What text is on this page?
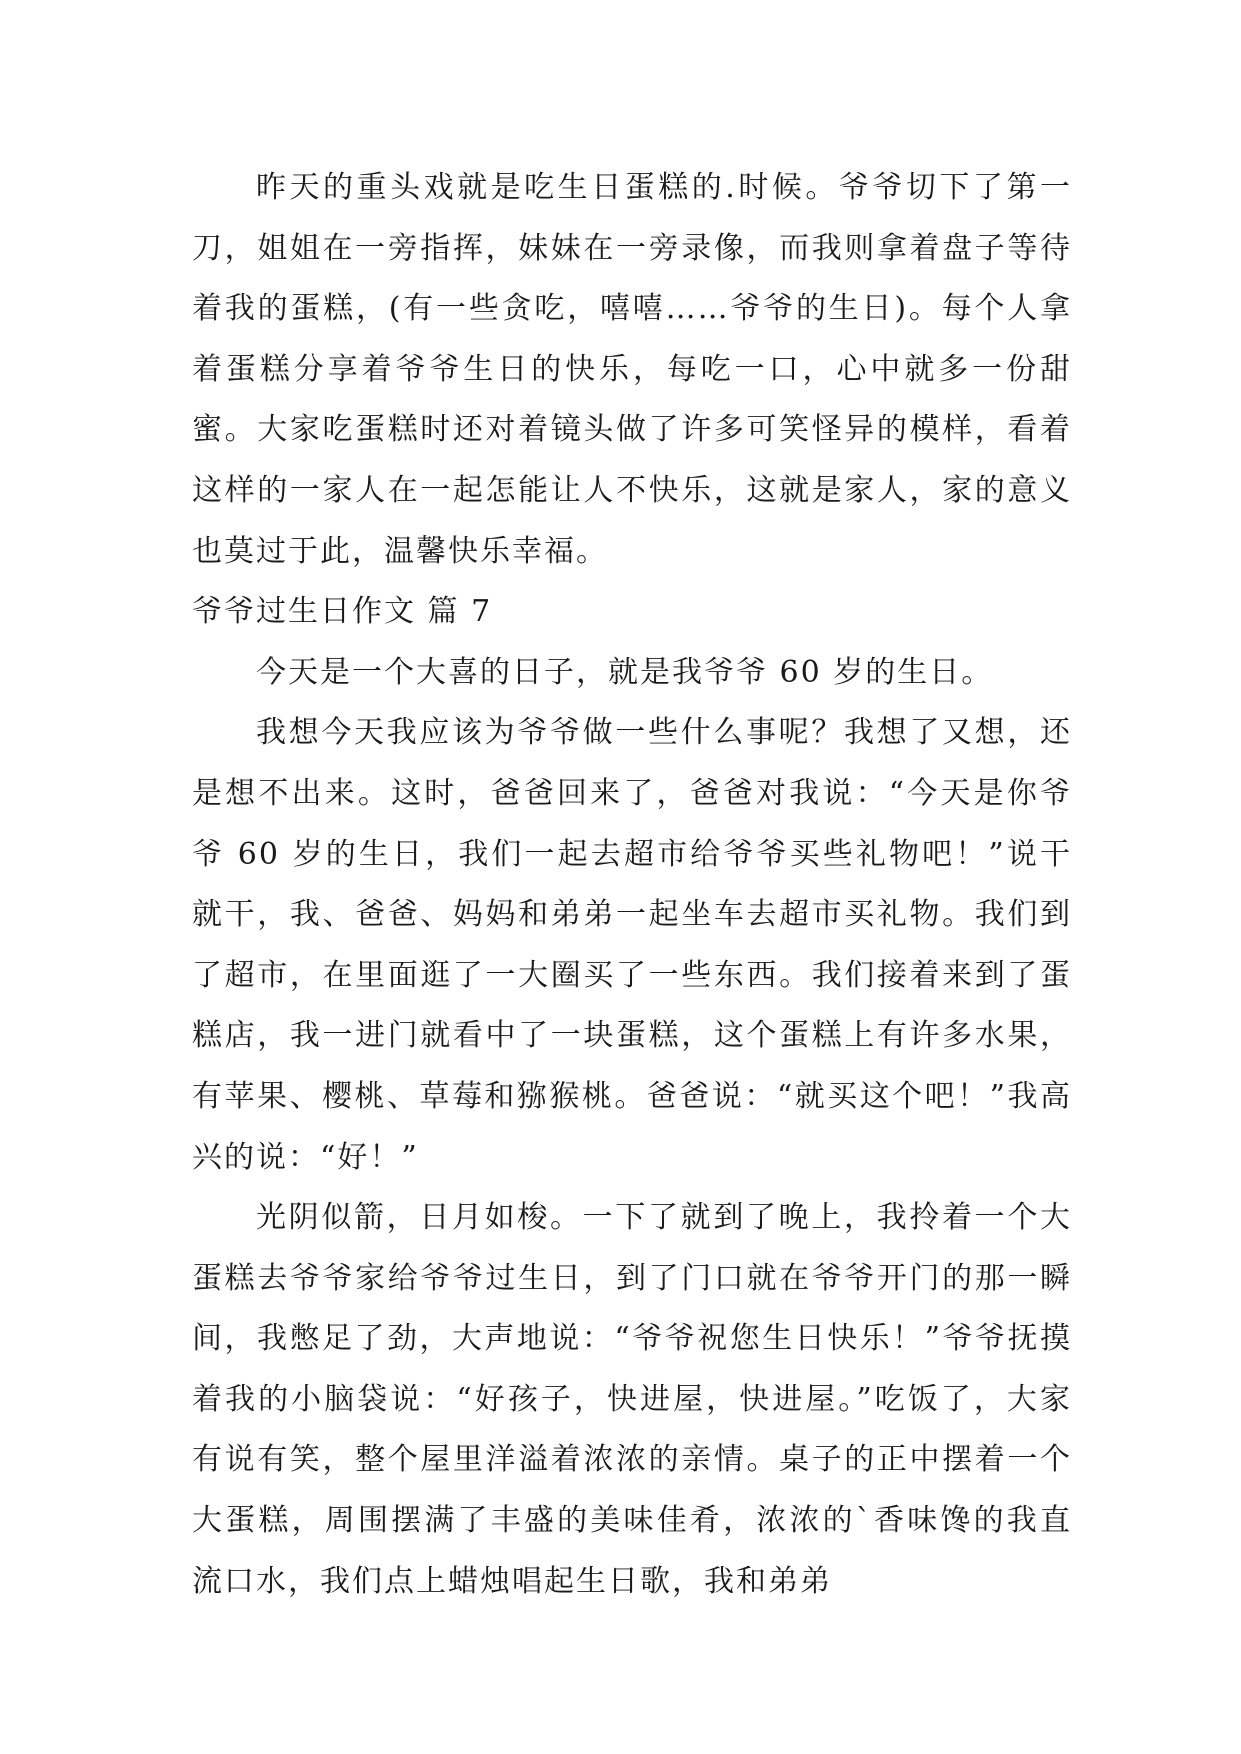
昨天的重头戏就是吃生日蛋糕的.时候。爷爷切下了第一刀，姐姐在一旁指挥，妹妹在一旁录像，而我则拿着盘子等待着我的蛋糕，(有一些贪吃，嘻嘻……爷爷的生日)。每个人拿着蛋糕分享着爷爷生日的快乐，每吃一口，心中就多一份甜蜜。大家吃蛋糕时还对着镜头做了许多可笑怪异的模样，看着这样的一家人在一起怎能让人不快乐，这就是家人，家的意义也莫过于此，温馨快乐幸福。

爷爷过生日作文 篇 7

今天是一个大喜的日子，就是我爷爷 60 岁的生日。

我想今天我应该为爷爷做一些什么事呢？我想了又想，还是想不出来。这时，爸爸回来了，爸爸对我说：“今天是你爷爷 60 岁的生日，我们一起去超市给爷爷买些礼物吧！”说干就干，我、爸爸、妈妈和弟弟一起坐车去超市买礼物。我们到了超市，在里面逛了一大圈买了一些东西。我们接着来到了蛋糕店，我一进门就看中了一块蛋糕，这个蛋糕上有许多水果，有苹果、樱桃、草莓和猕猴桃。爸爸说：“就买这个吧！”我高兴的说：“好！”

光阴似箭，日月如梭。一下了就到了晚上，我拎着一个大蛋糕去爷爷家给爷爷过生日，到了门口就在爷爷开门的那一瞬间，我憋足了劲，大声地说：“爷爷祝您生日快乐！”爷爷抚摸着我的小脑袋说：“好孩子，快进屋，快进屋。”吃饭了，大家有说有笑，整个屋里洋溢着浓浓的亲情。桌子的正中摆着一个大蛋糕，周围摆满了丰盛的美味佳肴，浓浓的`香味馋的我直流口水，我们点上蜡烛唱起生日歌，我和弟弟
